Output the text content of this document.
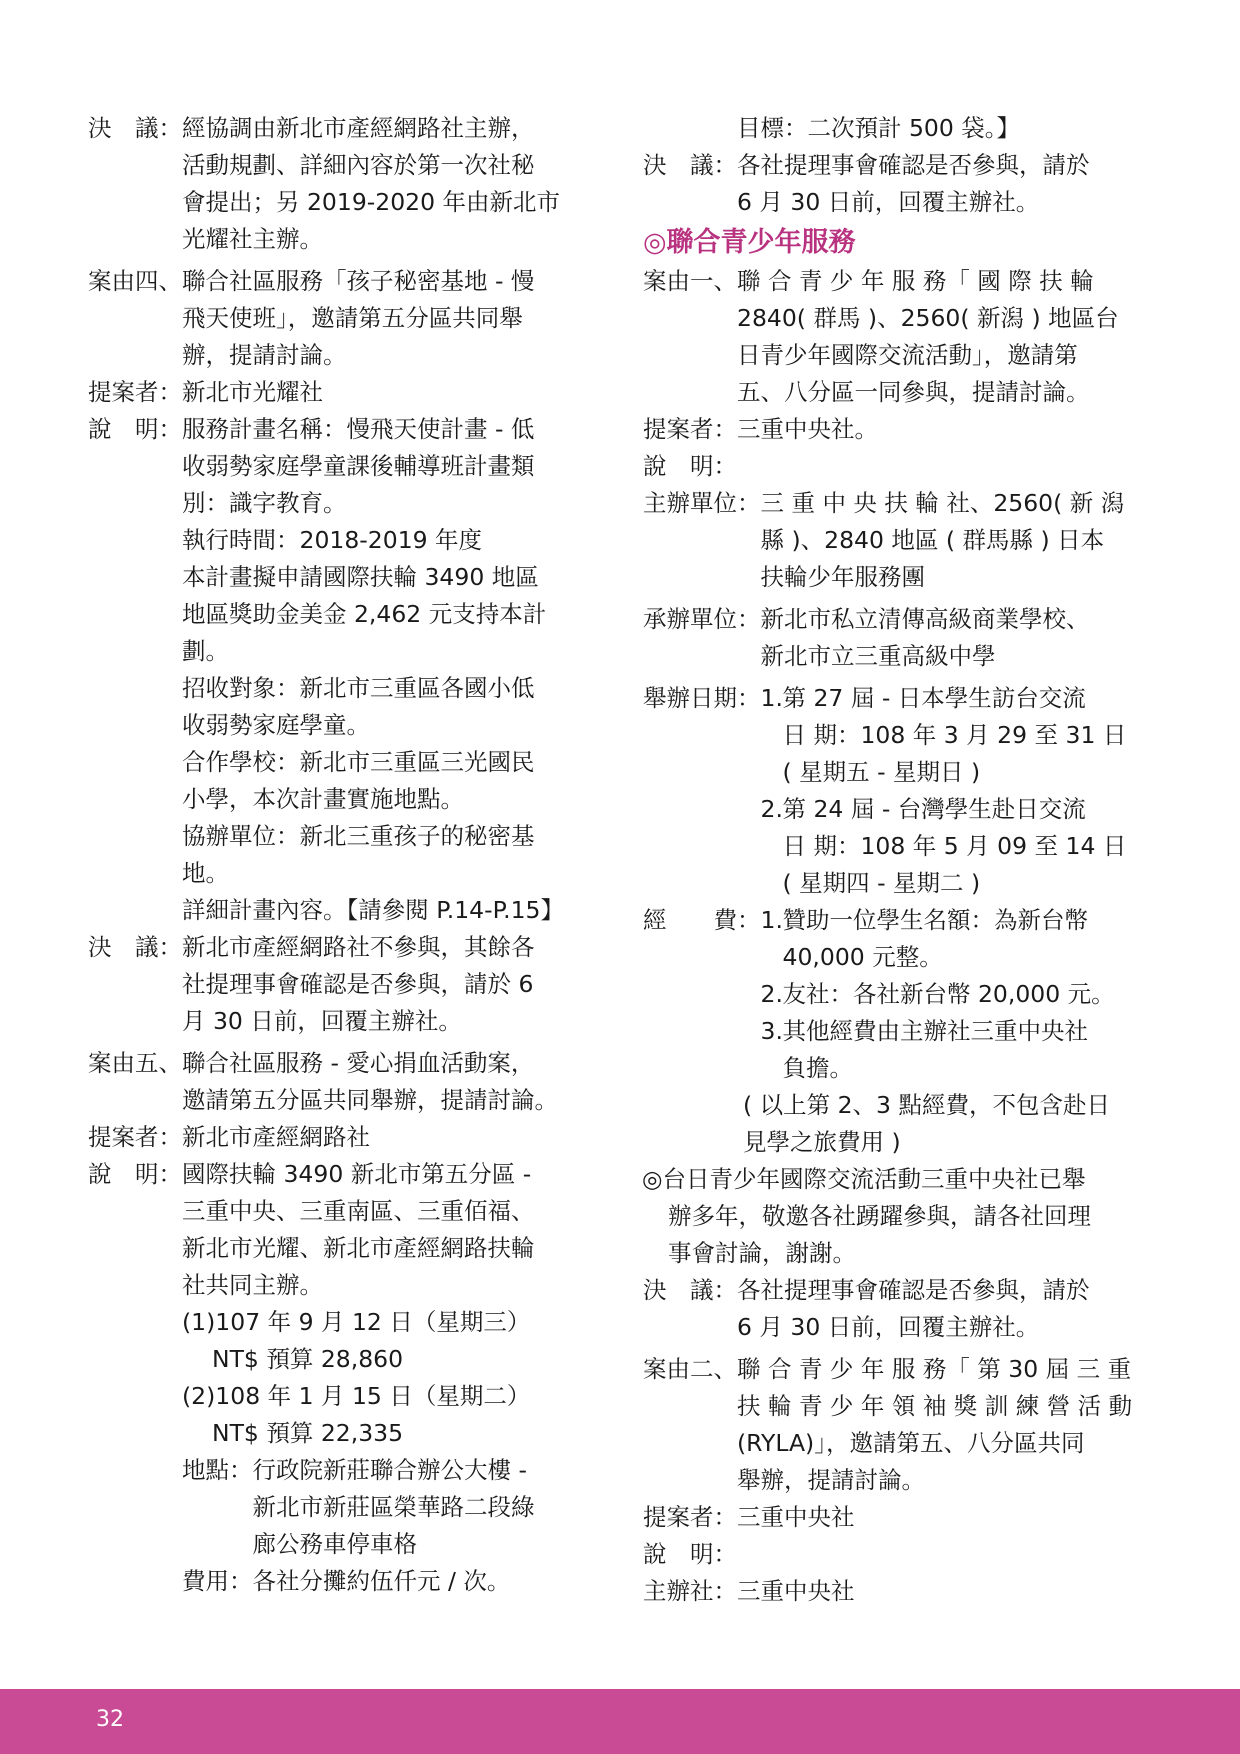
決　議： 經協調由新北市產經網路社主辦，
活動規劃、詳細內容於第一次社秘
會提出；另 2019-2020 年由新北市
光耀社主辦。
案由四、 聯合社區服務「孩子秘密基地 - 慢
飛天使班」，邀請第五分區共同舉
辦，提請討論。
提案者： 新北市光耀社
說　明： 服務計畫名稱：慢飛天使計畫 - 低
收弱勢家庭學童課後輔導班計畫類
別：識字教育。
執行時間：2018-2019 年度
本計畫擬申請國際扶輪 3490 地區
地區獎助金美金 2,462 元支持本計
劃。
招收對象：新北市三重區各國小低
收弱勢家庭學童。
合作學校：新北市三重區三光國民
小學，本次計畫實施地點。
協辦單位：新北三重孩子的秘密基
地。
詳細計畫內容。【請參閱 P.14-P.15】
決　議： 新北市產經網路社不參與，其餘各
社提理事會確認是否參與，請於 6
月 30 日前，回覆主辦社。
案由五、 聯合社區服務 - 愛心捐血活動案，
邀請第五分區共同舉辦，提請討論。
提案者： 新北市產經網路社
說　明： 國際扶輪 3490 新北市第五分區 -
三重中央、三重南區、三重佰福、
新北市光耀、新北市產經網路扶輪
社共同主辦。
(1)107 年 9 月 12 日（星期三）
NT$ 預算 28,860
(2)108 年 1 月 15 日（星期二）
NT$ 預算 22,335
地點： 行政院新莊聯合辦公大樓 -
新北市新莊區榮華路二段綠
廊公務車停車格
費用：各社分攤約伍仟元 / 次。
目標：二次預計 500 袋。】
決　議： 各社提理事會確認是否參與，請於
6 月 30 日前，回覆主辦社。
◎聯合青少年服務
案由一、 聯 合 青 少 年 服 務「 國 際 扶 輪
2840( 群馬 )、2560( 新潟 ) 地區台
日青少年國際交流活動」，邀請第
五、八分區一同參與，提請討論。
提案者： 三重中央社。
說　明：
主辦單位： 三 重 中 央 扶 輪 社、2560( 新 潟
縣 )、2840 地區 ( 群馬縣 ) 日本
扶輪少年服務團
承辦單位： 新北市私立清傳高級商業學校、
新北市立三重高級中學
舉辦日期： 1. 第 27 屆 - 日本學生訪台交流
日 期：108 年 3 月 29 至 31 日
( 星期五 - 星期日 )
2. 第 24 屆 - 台灣學生赴日交流
日 期：108 年 5 月 09 至 14 日
( 星期四 - 星期二 )
經　　費： 1. 贊助一位學生名額：為新台幣
40,000 元整。
2. 友社：各社新台幣 20,000 元。
3. 其他經費由主辦社三重中央社
負擔。
( 以上第 2、3 點經費，不包含赴日
見學之旅費用 )
◎台日青少年國際交流活動三重中央社已舉
辦多年，敬邀各社踴躍參與，請各社回理
事會討論，謝謝。
決　議： 各社提理事會確認是否參與，請於
6 月 30 日前，回覆主辦社。
案由二、 聯 合 青 少 年 服 務「 第 30 屆 三 重
扶 輪 青 少 年 領 袖 獎 訓 練 營 活 動
(RYLA)」，邀請第五、八分區共同
舉辦，提請討論。
提案者： 三重中央社
說　明：
主辦社： 三重中央社
32
